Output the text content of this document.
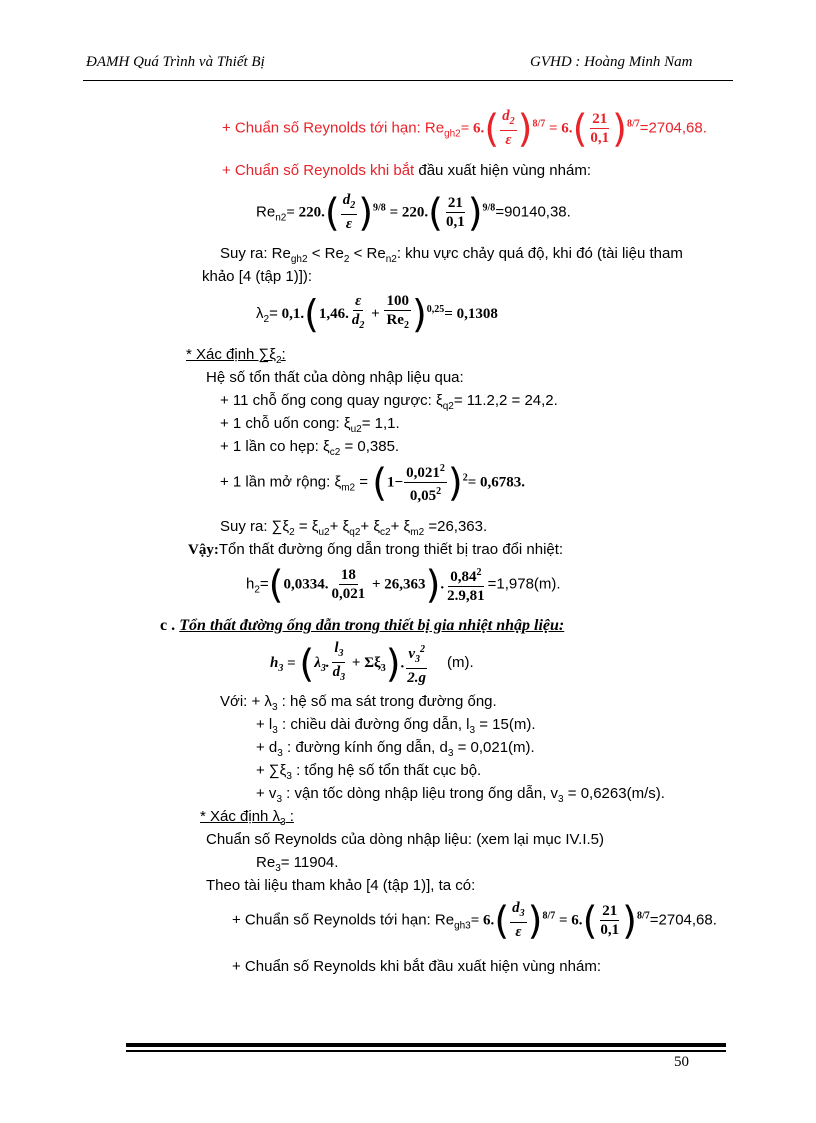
ĐAMH Quá Trình và Thiết Bị	GVHD : Hoàng Minh Nam
+ Chuẩn số Reynolds tới hạn: $Re_{gh2}= 6.( \frac{d_2}{\varepsilon} )^{8/7} = 6.( \frac{21}{0,1} )^{8/7}=2704,68$.
+ Chuẩn số Reynolds khi bắt đầu xuất hiện vùng nhám:
$Re_{n2}= 220.( \frac{d_2}{\varepsilon} )^{9/8} = 220.( \frac{21}{0,1} )^{9/8}=90140,38$.
Suy ra: $Re_{gh2} < Re_2 < Re_{n2}$: khu vực chảy quá độ, khi đó (tài liệu tham
khảo [4 (tập 1)]):
$\lambda_2= 0,1.(1,46$. $\frac{\varepsilon}{d_2} + \frac{100}{Re_2} )^{0,25}= 0,1308$
* Xác định $\sum\xi_2$:
Hệ số tổn thất của dòng nhập liệu qua:
+ 11 chỗ ống cong quay ngược: $\xi_{q2}= 11.2,2 = 24,2$.
+ 1 chỗ uốn cong: $\xi_{u2}= 1,1$.
+ 1 lần co hẹp: $\xi_{c2} = 0,385$.
+ 1 lần mở rộng: $\xi_{m2} = (1- \frac{0,021^2}{0,05^2} )^2= 0,6783$.
Suy ra: $\sum\xi_2 = \xi_{u2}+ \xi_{q2}+ \xi_{c2}+ \xi_{m2} =26,363$.
Vậy:Tổn thất đường ống dẫn trong thiết bị trao đổi nhiệt:
$h_2=(0,0334$. $\frac{18}{0,021} + 26,363$). $\frac{0,84^2}{2.9,81} =1,978(m)$.
c . Tổn thất đường ống dẫn trong thiết bị gia nhiệt nhập liệu:
$h_3 = (\lambda_3$. $\frac{l_3}{d_3} + \Sigma\xi_3$). $\frac{v_3^2}{2.g} (m)$.
Với: + $\lambda_3$ : hệ số ma sát trong đường ống.
+ $l_3$ : chiều dài đường ống dẫn, $l_3 = 15(m)$.
+ $d_3$ : đường kính ống dẫn, $d_3 = 0,021(m)$.
+ $\sum\xi_3$ : tổng hệ số tổn thất cục bộ.
+ $v_3$ : vận tốc dòng nhập liệu trong ống dẫn, $v_3 = 0,6263(m/s)$.
* Xác định $\lambda_3$ :
Chuẩn số Reynolds của dòng nhập liệu: (xem lại mục IV.I.5)
$Re_3= 11904$.
Theo tài liệu tham khảo [4 (tập 1)], ta có:
+ Chuẩn số Reynolds tới hạn: $Re_{gh3}= 6.( \frac{d_3}{\varepsilon} )^{8/7} = 6.( \frac{21}{0,1} )^{8/7}=2704,68$.
+ Chuẩn số Reynolds khi bắt đầu xuất hiện vùng nhám:
50
